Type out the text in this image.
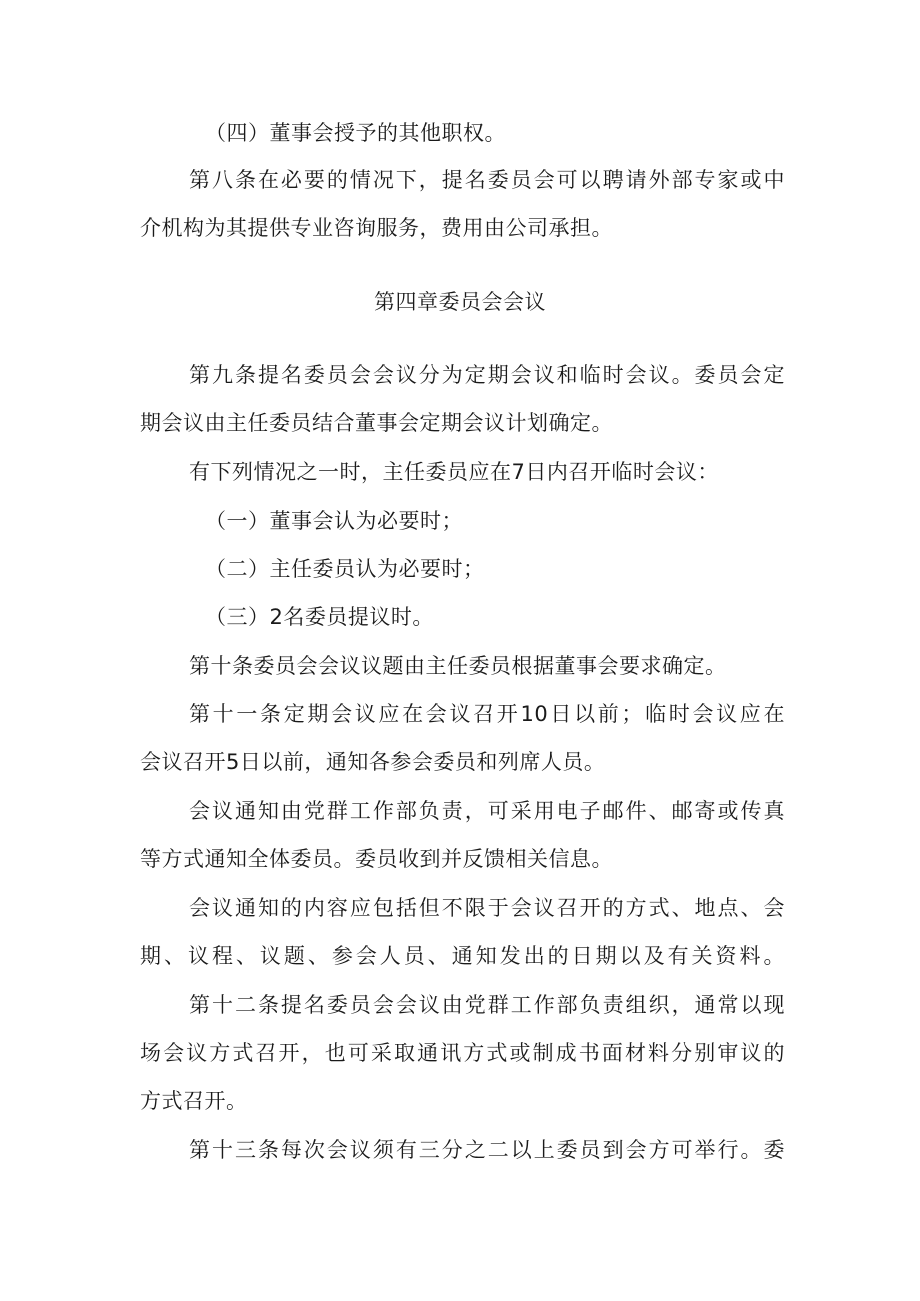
（四）董事会授予的其他职权。
第八条在必要的情况下，提名委员会可以聘请外部专家或中
介机构为其提供专业咨询服务，费用由公司承担。
第四章委员会会议
第九条提名委员会会议分为定期会议和临时会议。委员会定
期会议由主任委员结合董事会定期会议计划确定。
有下列情况之一时，主任委员应在7日内召开临时会议：
（一）董事会认为必要时；
（二）主任委员认为必要时；
（三）2名委员提议时。
第十条委员会会议议题由主任委员根据董事会要求确定。
第十一条定期会议应在会议召开10日以前；临时会议应在
会议召开5日以前，通知各参会委员和列席人员。
会议通知由党群工作部负责，可采用电子邮件、邮寄或传真
等方式通知全体委员。委员收到并反馈相关信息。
会议通知的内容应包括但不限于会议召开的方式、地点、会
期、议程、议题、参会人员、通知发出的日期以及有关资料。
第十二条提名委员会会议由党群工作部负责组织，通常以现
场会议方式召开，也可采取通讯方式或制成书面材料分别审议的
方式召开。
第十三条每次会议须有三分之二以上委员到会方可举行。委
